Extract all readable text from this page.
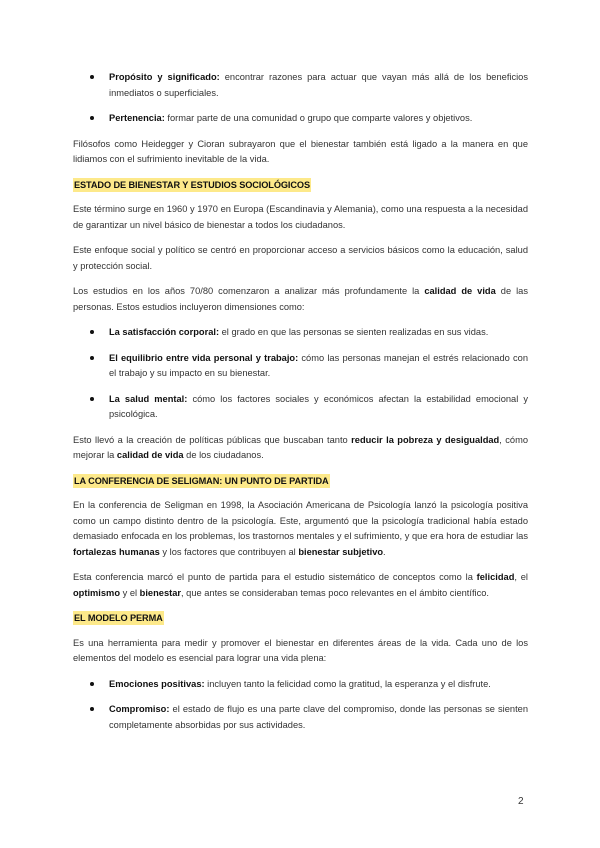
Propósito y significado: encontrar razones para actuar que vayan más allá de los beneficios inmediatos o superficiales.

Pertenencia: formar parte de una comunidad o grupo que comparte valores y objetivos.

Filósofos como Heidegger y Cioran subrayaron que el bienestar también está ligado a la manera en que lidiamos con el sufrimiento inevitable de la vida.

ESTADO DE BIENESTAR Y ESTUDIOS SOCIOLÓGICOS

Este término surge en 1960 y 1970 en Europa (Escandinavia y Alemania), como una respuesta a la necesidad de garantizar un nivel básico de bienestar a todos los ciudadanos.

Este enfoque social y político se centró en proporcionar acceso a servicios básicos como la educación, salud y protección social.

Los estudios en los años 70/80 comenzaron a analizar más profundamente la calidad de vida de las personas. Estos estudios incluyeron dimensiones como:

La satisfacción corporal: el grado en que las personas se sienten realizadas en sus vidas.

El equilibrio entre vida personal y trabajo: cómo las personas manejan el estrés relacionado con el trabajo y su impacto en su bienestar.

La salud mental: cómo los factores sociales y económicos afectan la estabilidad emocional y psicológica.

Esto llevó a la creación de políticas públicas que buscaban tanto reducir la pobreza y desigualdad, cómo mejorar la calidad de vida de los ciudadanos.

LA CONFERENCIA DE SELIGMAN: UN PUNTO DE PARTIDA

En la conferencia de Seligman en 1998, la Asociación Americana de Psicología lanzó la psicología positiva como un campo distinto dentro de la psicología. Este, argumentó que la psicología tradicional había estado demasiado enfocada en los problemas, los trastornos mentales y el sufrimiento, y que era hora de estudiar las fortalezas humanas y los factores que contribuyen al bienestar subjetivo.

Esta conferencia marcó el punto de partida para el estudio sistemático de conceptos como la felicidad, el optimismo y el bienestar, que antes se consideraban temas poco relevantes en el ámbito científico.

EL MODELO PERMA

Es una herramienta para medir y promover el bienestar en diferentes áreas de la vida. Cada uno de los elementos del modelo es esencial para lograr una vida plena:

Emociones positivas: incluyen tanto la felicidad como la gratitud, la esperanza y el disfrute.

Compromiso: el estado de flujo es una parte clave del compromiso, donde las personas se sienten completamente absorbidas por sus actividades.

2
